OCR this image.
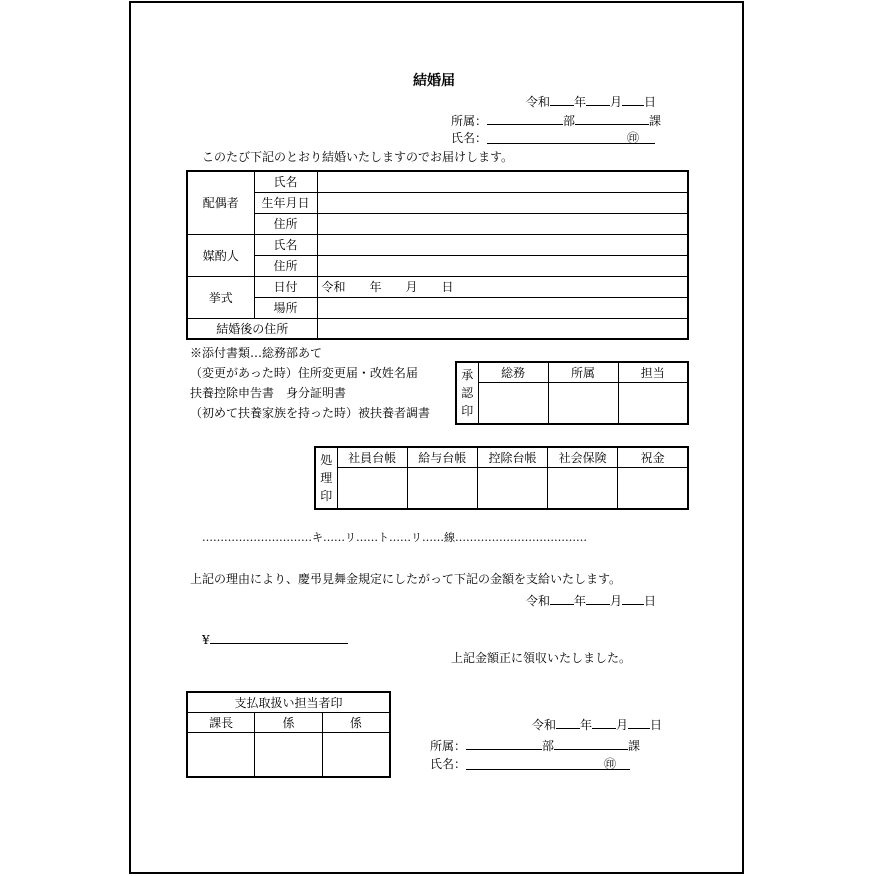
結婚届
令和 年 月 日
所属：	部	課
氏名：	㊞
このたび下記のとおり結婚いたしますのでお届けします。
配偶者	氏名	
	生年月日	
	住所	
媒酌人	氏名	
	住所	
挙式	日付	令和　　年　　月　　日
	場所	
結婚後の住所		
※添付書類…総務部あて
（変更があった時）住所変更届・改姓名届
扶養控除申告書　身分証明書
（初めて扶養家族を持った時）被扶養者調書
承
認
印	総務	所属	担当

処
理
印	社員台帳	給与台帳	控除台帳	社会保険	祝金

…………………………キ……リ……ト……リ……線………………………………
上記の理由により、慶弔見舞金規定にしたがって下記の金額を支給いたします。
令和 年 月 日
¥
上記金額正に領収いたしました。
支払取扱い担当者印		
課長	係	係
			令和 年 月 日
所属：	部	課
氏名：	㊞
